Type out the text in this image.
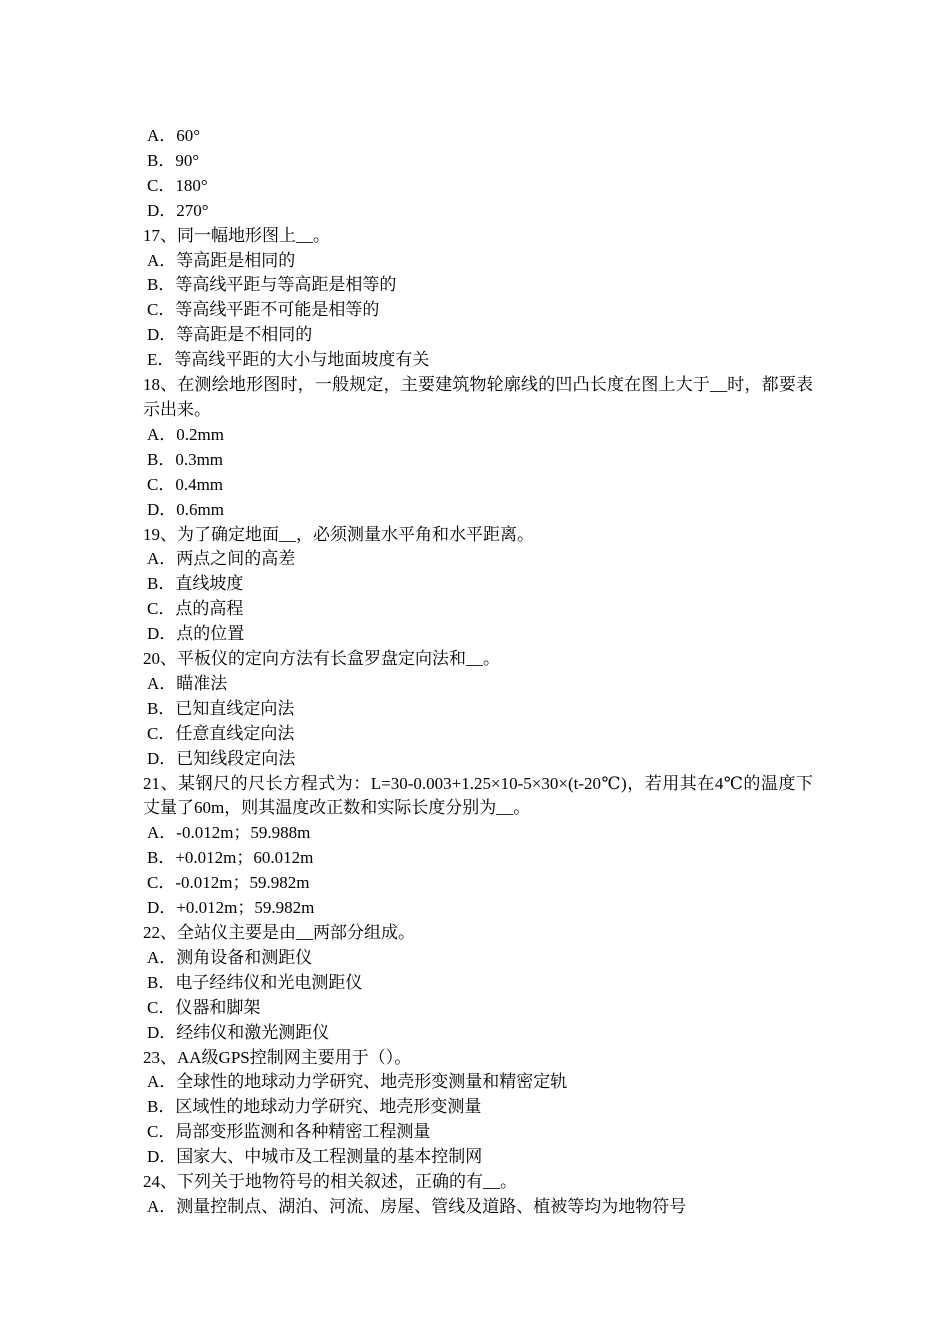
A．60°
B．90°
C．180°
D．270°
17、同一幅地形图上__。
A．等高距是相同的
B．等高线平距与等高距是相等的
C．等高线平距不可能是相等的
D．等高距是不相同的
E．等高线平距的大小与地面坡度有关
18、在测绘地形图时，一般规定，主要建筑物轮廓线的凹凸长度在图上大于__时，都要表示出来。
A．0.2mm
B．0.3mm
C．0.4mm
D．0.6mm
19、为了确定地面__，必须测量水平角和水平距离。
A．两点之间的高差
B．直线坡度
C．点的高程
D．点的位置
20、平板仪的定向方法有长盒罗盘定向法和__。
A．瞄准法
B．已知直线定向法
C．任意直线定向法
D．已知线段定向法
21、某钢尺的尺长方程式为：L=30-0.003+1.25×10-5×30×(t-20℃)，若用其在4℃的温度下丈量了60m，则其温度改正数和实际长度分别为__。
A．-0.012m；59.988m
B．+0.012m；60.012m
C．-0.012m；59.982m
D．+0.012m；59.982m
22、全站仪主要是由__两部分组成。
A．测角设备和测距仪
B．电子经纬仪和光电测距仪
C．仪器和脚架
D．经纬仪和激光测距仪
23、AA级GPS控制网主要用于（）。
A．全球性的地球动力学研究、地壳形变测量和精密定轨
B．区域性的地球动力学研究、地壳形变测量
C．局部变形监测和各种精密工程测量
D．国家大、中城市及工程测量的基本控制网
24、下列关于地物符号的相关叙述，正确的有__。
A．测量控制点、湖泊、河流、房屋、管线及道路、植被等均为地物符号
